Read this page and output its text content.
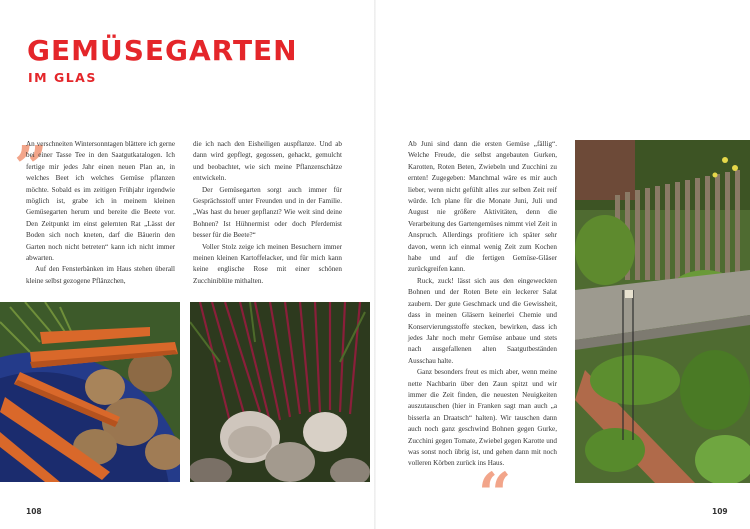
GEMÜSEGARTEN
IM GLAS
„

An verschneiten Wintersonntagen blättere ich gerne bei einer Tasse Tee in den Saatgutkatalogen. Ich fertige mir jedes Jahr einen neuen Plan an, in welches Beet ich welches Gemüse pflanzen möchte. Sobald es im zeitigen Frühjahr irgendwie möglich ist, grabe ich in meinem kleinen Gemüsegarten herum und bereite die Beete vor. Den Zeitpunkt im einst gelernten Rat „Lässt der Boden sich noch kneten, darf die Bäuerin den Garten noch nicht betreten“ kann ich nicht immer abwarten.

Auf den Fensterbänken im Haus stehen überall kleine selbst gezogene Pflänzchen,

die ich nach den Eisheiligen auspflanze. Und ab dann wird gepflegt, gegossen, gehackt, gemulcht und beobachtet, wie sich meine Pflanzenschätze entwickeln.

Der Gemüsegarten sorgt auch immer für Gesprächsstoff unter Freunden und in der Familie. „Was hast du heuer gepflanzt? Wie weit sind deine Bohnen? Ist Hühnermist oder doch Pferdemist besser für die Beete?“

Voller Stolz zeige ich meinen Besuchern immer meinen kleinen Kartoffelacker, und für mich kann keine englische Rose mit einer schönen Zucchiniblüte mithalten.

Ab Juni sind dann die ersten Gemüse „fällig“. Welche Freude, die selbst angebauten Gurken, Karotten, Roten Beten, Zwiebeln und Zucchini zu ernten! Zugegeben: Manchmal wäre es mir auch lieber, wenn nicht gefühlt alles zur selben Zeit reif würde. Ich plane für die Monate Juni, Juli und August nie größere Aktivitäten, denn die Verarbeitung des Gartengemüses nimmt viel Zeit in Anspruch. Allerdings profitiere ich später sehr davon, wenn ich einmal wenig Zeit zum Kochen habe und auf die fertigen Gemüse-Gläser zurückgreifen kann.

Ruck, zuck! lässt sich aus den eingeweckten Bohnen und der Roten Bete ein leckerer Salat zaubern. Der gute Geschmack und die Gewissheit, dass in meinen Gläsern keinerlei Chemie und Konservierungsstoffe stecken, bewirken, dass ich jedes Jahr noch mehr Gemüse anbaue und stets nach ausgefallenen alten Saatgutbeständen Ausschau halte.

Ganz besonders freut es mich aber, wenn meine nette Nachbarin über den Zaun spitzt und wir immer die Zeit finden, die neuesten Neuigkeiten auszutauschen (hier in Franken sagt man auch „a bisserla an Draatsch“ halten). Wir tauschen dann auch noch ganz geschwind Bohnen gegen Gurke, Zucchini gegen Tomate, Zwiebel gegen Karotte und was sonst noch übrig ist, und gehen dann mit noch volleren Körben zurück ins Haus.

“
108	109
